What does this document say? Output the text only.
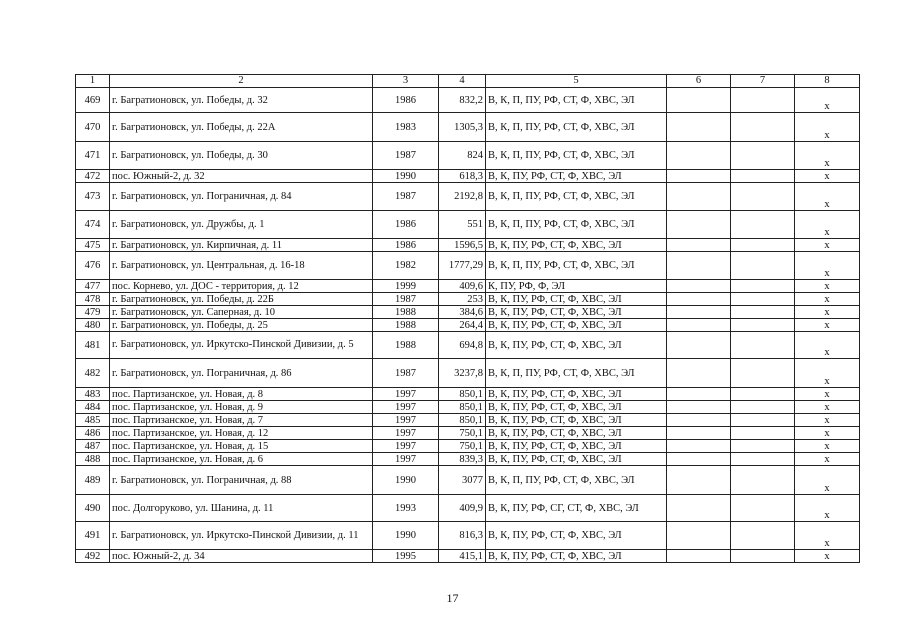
1	2	3	4	5	6	7	8
469	г. Багратионовск, ул. Победы, д. 32	1986	832,2	В, К, П, ПУ, РФ, СТ, Ф, ХВС, ЭЛ			х
470	г. Багратионовск, ул. Победы, д. 22А	1983	1305,3	В, К, П, ПУ, РФ, СТ, Ф, ХВС, ЭЛ			х
471	г. Багратионовск, ул. Победы, д. 30	1987	824	В, К, П, ПУ, РФ, СТ, Ф, ХВС, ЭЛ			х
472	пос. Южный-2, д. 32	1990	618,3	В, К, ПУ, РФ, СТ, Ф, ХВС, ЭЛ			х
473	г. Багратионовск, ул. Пограничная, д. 84	1987	2192,8	В, К, П, ПУ, РФ, СТ, Ф, ХВС, ЭЛ			х
474	г. Багратионовск, ул. Дружбы, д. 1	1986	551	В, К, П, ПУ, РФ, СТ, Ф, ХВС, ЭЛ			х
475	г. Багратионовск, ул. Кирпичная, д. 11	1986	1596,5	В, К, ПУ, РФ, СТ, Ф, ХВС, ЭЛ			х
476	г. Багратионовск, ул. Центральная, д. 16-18	1982	1777,29	В, К, П, ПУ, РФ, СТ, Ф, ХВС, ЭЛ			х
477	пос. Корнево, ул. ДОС - территория, д. 12	1999	409,6	К, ПУ, РФ, Ф, ЭЛ			х
478	г. Багратионовск, ул. Победы, д. 22Б	1987	253	В, К, ПУ, РФ, СТ, Ф, ХВС, ЭЛ			х
479	г. Багратионовск, ул. Саперная, д. 10	1988	384,6	В, К, ПУ, РФ, СТ, Ф, ХВС, ЭЛ			х
480	г. Багратионовск, ул. Победы, д. 25	1988	264,4	В, К, ПУ, РФ, СТ, Ф, ХВС, ЭЛ			х
481	г. Багратионовск, ул. Иркутско-Пинской Дивизии, д. 5	1988	694,8	В, К, ПУ, РФ, СТ, Ф, ХВС, ЭЛ			х
482	г. Багратионовск, ул. Пограничная, д. 86	1987	3237,8	В, К, П, ПУ, РФ, СТ, Ф, ХВС, ЭЛ			х
483	пос. Партизанское, ул. Новая, д. 8	1997	850,1	В, К, ПУ, РФ, СТ, Ф, ХВС, ЭЛ			х
484	пос. Партизанское, ул. Новая, д. 9	1997	850,1	В, К, ПУ, РФ, СТ, Ф, ХВС, ЭЛ			х
485	пос. Партизанское, ул. Новая, д. 7	1997	850,1	В, К, ПУ, РФ, СТ, Ф, ХВС, ЭЛ			х
486	пос. Партизанское, ул. Новая, д. 12	1997	750,1	В, К, ПУ, РФ, СТ, Ф, ХВС, ЭЛ			х
487	пос. Партизанское, ул. Новая, д. 15	1997	750,1	В, К, ПУ, РФ, СТ, Ф, ХВС, ЭЛ			х
488	пос. Партизанское, ул. Новая, д. 6	1997	839,3	В, К, ПУ, РФ, СТ, Ф, ХВС, ЭЛ			х
489	г. Багратионовск, ул. Пограничная, д. 88	1990	3077	В, К, П, ПУ, РФ, СТ, Ф, ХВС, ЭЛ			х
490	пос. Долгоруково, ул. Шанина, д. 11	1993	409,9	В, К, ПУ, РФ, СГ, СТ, Ф, ХВС, ЭЛ			х
491	г. Багратионовск, ул. Иркутско-Пинской Дивизии, д. 11	1990	816,3	В, К, ПУ, РФ, СТ, Ф, ХВС, ЭЛ			х
492	пос. Южный-2, д. 34	1995	415,1	В, К, ПУ, РФ, СТ, Ф, ХВС, ЭЛ			х
17
